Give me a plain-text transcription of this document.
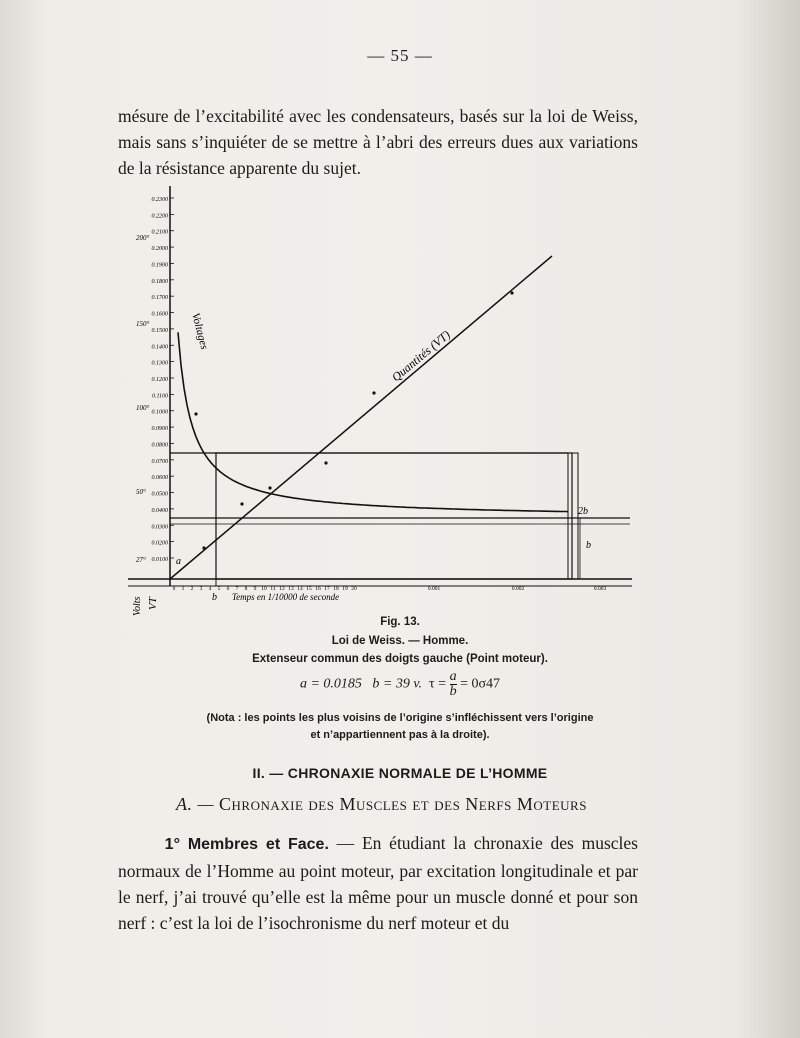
— 55 —
mésure de l’excitabilité avec les condensateurs, basés sur la loi de Weiss, mais sans s’inquiéter de se mettre à l’abri des erreurs dues aux variations de la résistance apparente du sujet.
Voltages	Quantités (VT)
2b
b
a
b Temps en 1/10000 de seconde
Volts VT
0.2300
0.2200
0.2100
0.2000
0.1900
0.1800
0.1700
0.1600
0.1500
0.1400
0.1300
0.1200
0.1100
0.1000
0.0900
0.0800
0.0700
0.0600
0.0500
0.0400
0.0300
0.0200
0.0100
200°
150°
100°
50°
27°
0 1 2 3 4 5 6 7 8 9 10 11 12 13 14 15 16 17 18 19 20	0.001	0.002	0.003
Fig. 13.
Loi de Weiss. — Homme.
Extenseur commun des doigts gauche (Point moteur).
a = 0.0185 b = 39 v. $\tau = \frac{a}{b} = 0\sigma 47$
(Nota : les points les plus voisins de l’origine s’infléchissent vers l’origine
et n’appartiennent pas à la droite).
II. — CHRONAXIE NORMALE DE L’HOMME
A. — Chronaxie des Muscles et des Nerfs Moteurs
1° Membres et Face. — En étudiant la chronaxie des muscles normaux de l’Homme au point moteur, par excitation longitudinale et par le nerf, j’ai trouvé qu’elle est la même pour un muscle donné et pour son nerf : c’est la loi de l’isochronisme du nerf moteur et du
